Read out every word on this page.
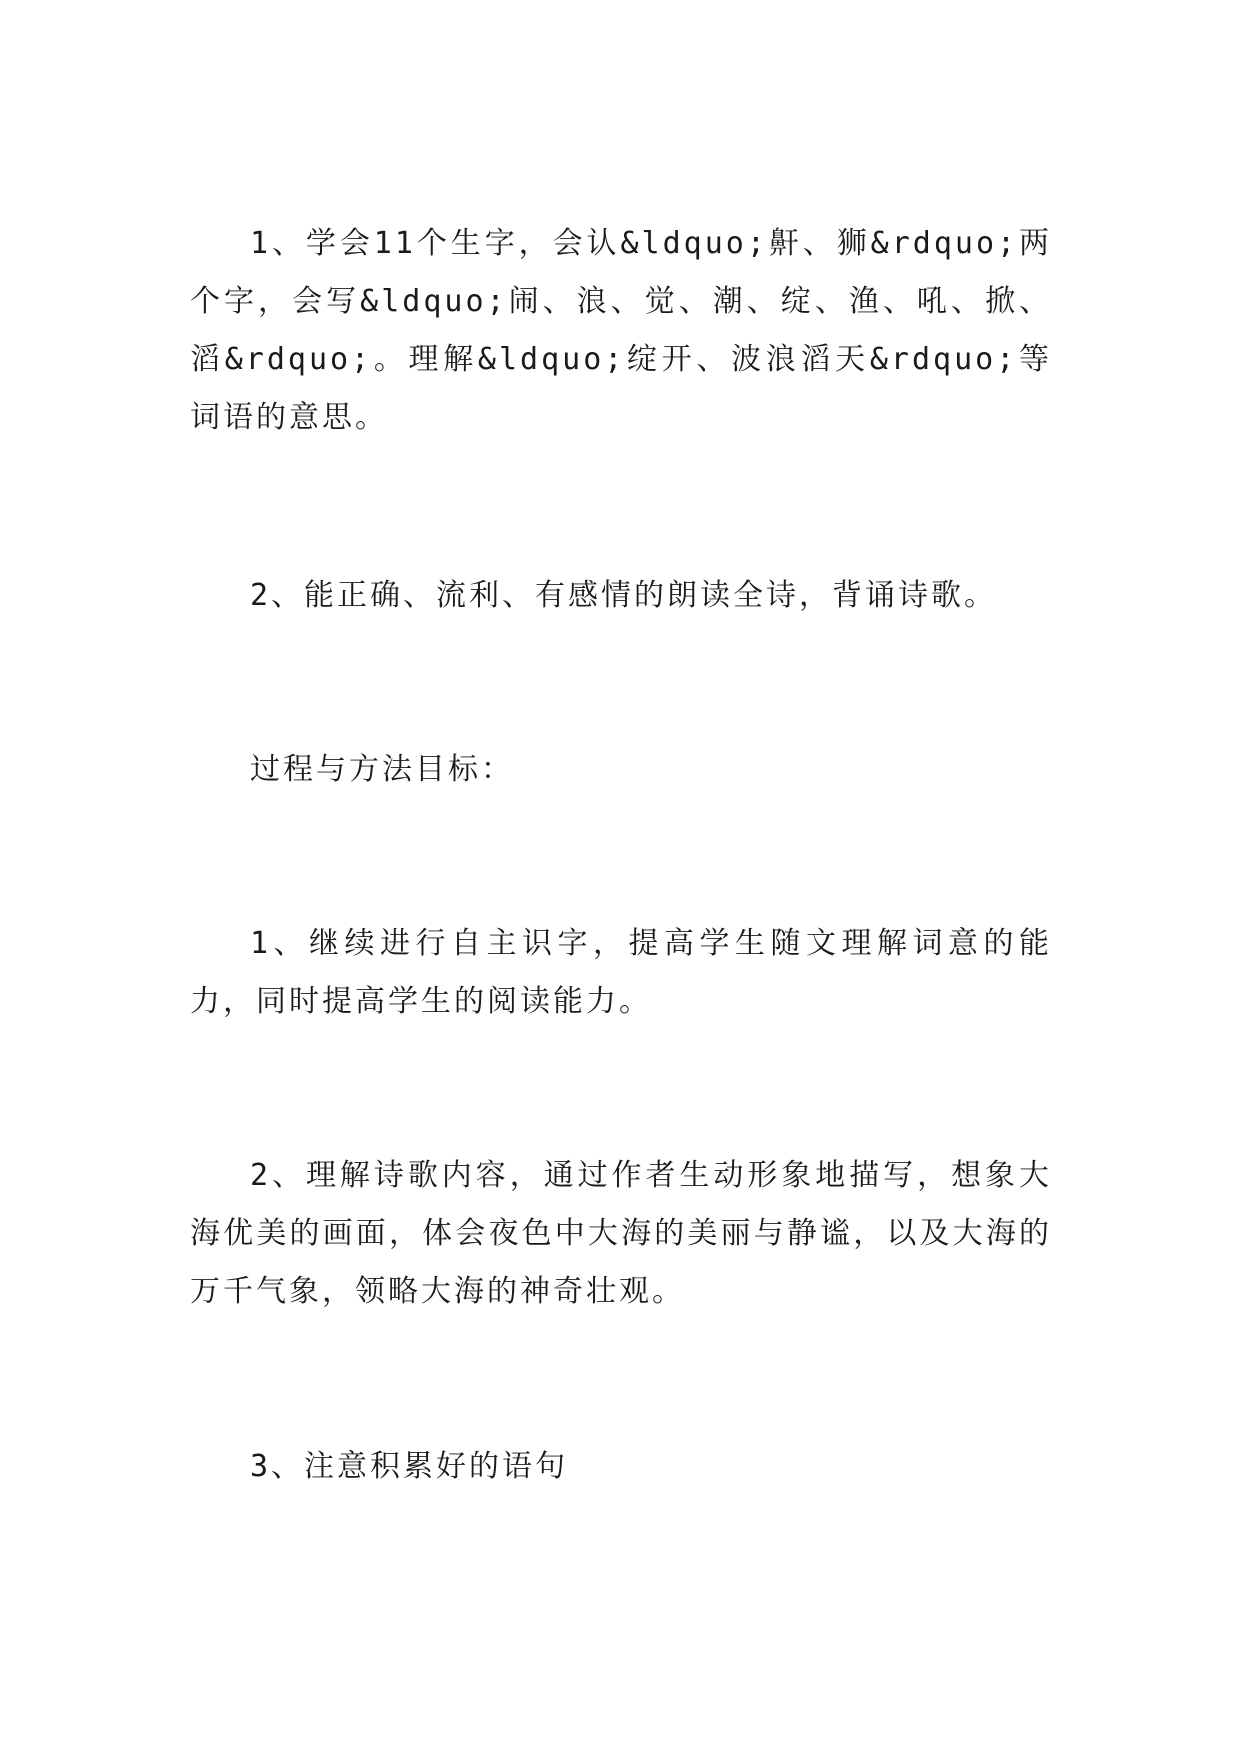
1、学会11个生字，会认&ldquo;鼾、狮&rdquo;两个字，会写&ldquo;闹、浪、觉、潮、绽、渔、吼、掀、滔&rdquo;。理解&ldquo;绽开、波浪滔天&rdquo;等词语的意思。

2、能正确、流利、有感情的朗读全诗，背诵诗歌。

过程与方法目标：

1、继续进行自主识字，提高学生随文理解词意的能力，同时提高学生的阅读能力。

2、理解诗歌内容，通过作者生动形象地描写，想象大海优美的画面，体会夜色中大海的美丽与静谧，以及大海的万千气象，领略大海的神奇壮观。

3、注意积累好的语句
